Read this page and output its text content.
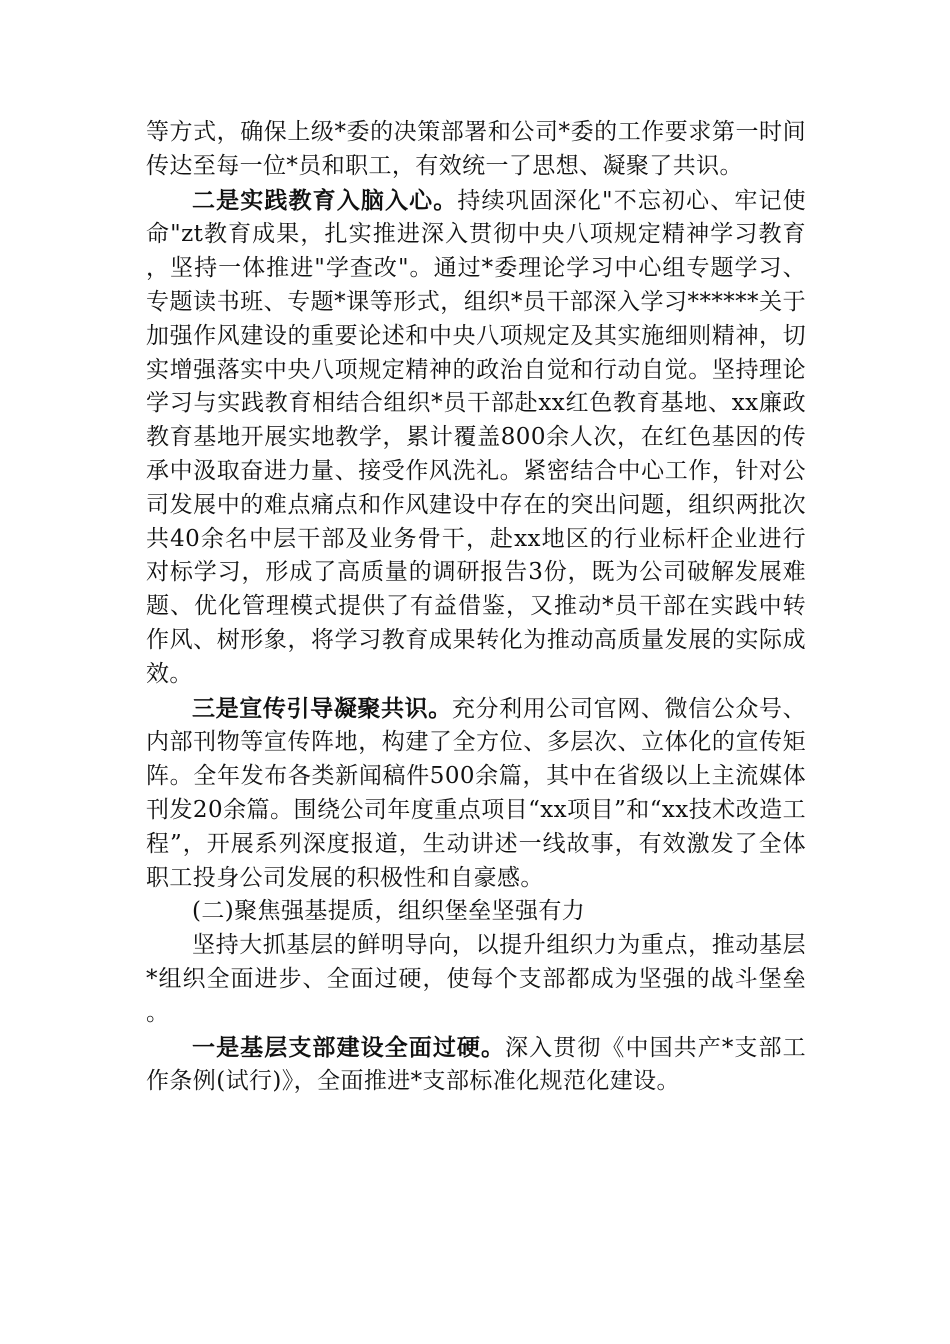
等方式，确保上级*委的决策部署和公司*委的工作要求第一时间传达至每一位*员和职工，有效统一了思想、凝聚了共识。

二是实践教育入脑入心。持续巩固深化"不忘初心、牢记使命"zt教育成果，扎实推进深入贯彻中央八项规定精神学习教育，坚持一体推进"学查改"。通过*委理论学习中心组专题学习、专题读书班、专题*课等形式，组织*员干部深入学习******关于加强作风建设的重要论述和中央八项规定及其实施细则精神，切实增强落实中央八项规定精神的政治自觉和行动自觉。坚持理论学习与实践教育相结合组织*员干部赴xx红色教育基地、xx廉政教育基地开展实地教学，累计覆盖800余人次，在红色基因的传承中汲取奋进力量、接受作风洗礼。紧密结合中心工作，针对公司发展中的难点痛点和作风建设中存在的突出问题，组织两批次共40余名中层干部及业务骨干，赴xx地区的行业标杆企业进行对标学习，形成了高质量的调研报告3份，既为公司破解发展难题、优化管理模式提供了有益借鉴，又推动*员干部在实践中转作风、树形象，将学习教育成果转化为推动高质量发展的实际成效。

三是宣传引导凝聚共识。充分利用公司官网、微信公众号、内部刊物等宣传阵地，构建了全方位、多层次、立体化的宣传矩阵。全年发布各类新闻稿件500余篇，其中在省级以上主流媒体刊发20余篇。围绕公司年度重点项目“xx项目”和“xx技术改造工程”，开展系列深度报道，生动讲述一线故事，有效激发了全体职工投身公司发展的积极性和自豪感。

(二)聚焦强基提质，组织堡垒坚强有力

坚持大抓基层的鲜明导向，以提升组织力为重点，推动基层*组织全面进步、全面过硬，使每个支部都成为坚强的战斗堡垒。

一是基层支部建设全面过硬。深入贯彻《中国共产*支部工作条例(试行)》，全面推进*支部标准化规范化建设。
